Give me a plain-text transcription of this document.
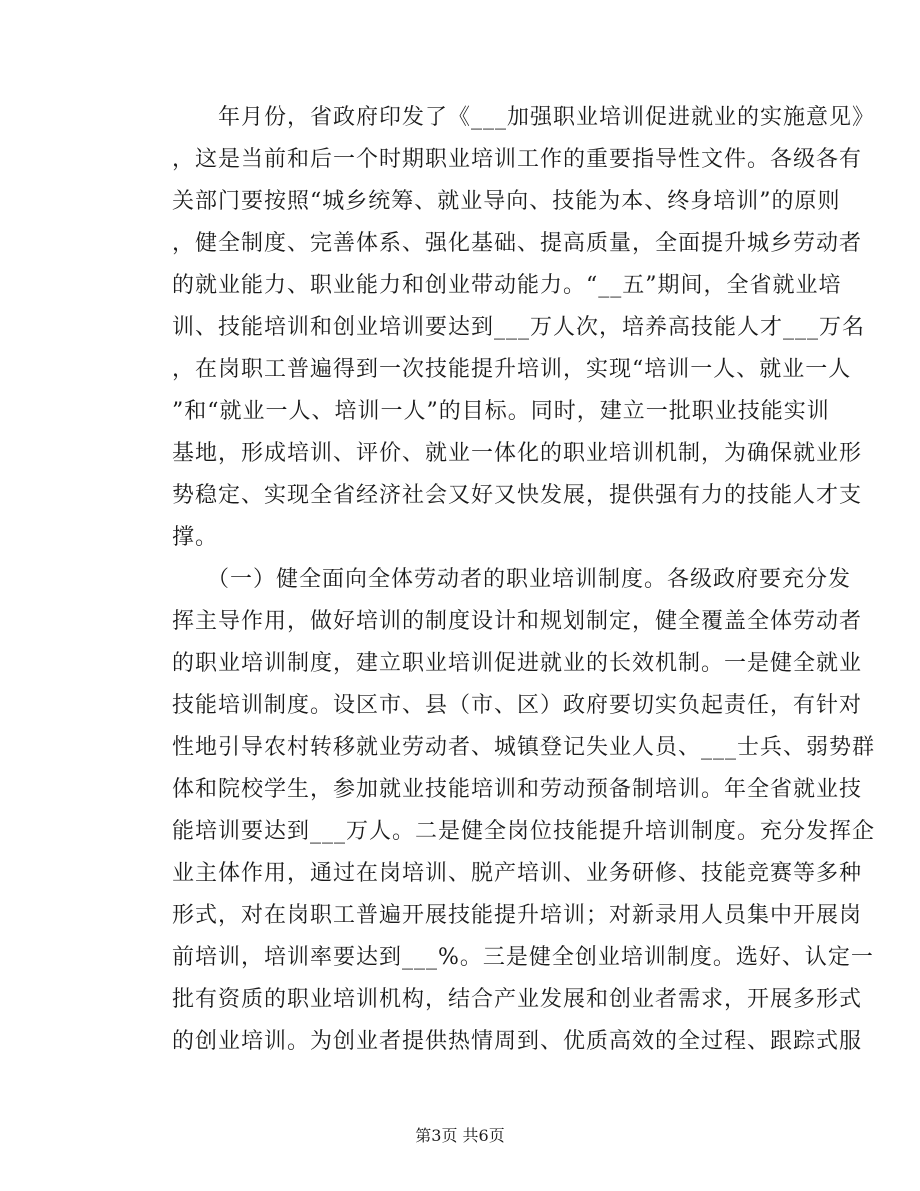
　　年月份，省政府印发了《___加强职业培训促进就业的实施意见》
，这是当前和后一个时期职业培训工作的重要指导性文件。各级各有
关部门要按照“城乡统筹、就业导向、技能为本、终身培训”的原则
，健全制度、完善体系、强化基础、提高质量，全面提升城乡劳动者
的就业能力、职业能力和创业带动能力。“__五”期间，全省就业培
训、技能培训和创业培训要达到___万人次，培养高技能人才___万名
，在岗职工普遍得到一次技能提升培训，实现“培训一人、就业一人
”和“就业一人、培训一人”的目标。同时，建立一批职业技能实训
基地，形成培训、评价、就业一体化的职业培训机制，为确保就业形
势稳定、实现全省经济社会又好又快发展，提供强有力的技能人才支
撑。
　　（一）健全面向全体劳动者的职业培训制度。各级政府要充分发
挥主导作用，做好培训的制度设计和规划制定，健全覆盖全体劳动者
的职业培训制度，建立职业培训促进就业的长效机制。一是健全就业
技能培训制度。设区市、县（市、区）政府要切实负起责任，有针对
性地引导农村转移就业劳动者、城镇登记失业人员、___士兵、弱势群
体和院校学生，参加就业技能培训和劳动预备制培训。年全省就业技
能培训要达到___万人。二是健全岗位技能提升培训制度。充分发挥企
业主体作用，通过在岗培训、脱产培训、业务研修、技能竞赛等多种
形式，对在岗职工普遍开展技能提升培训；对新录用人员集中开展岗
前培训，培训率要达到___%。三是健全创业培训制度。选好、认定一
批有资质的职业培训机构，结合产业发展和创业者需求，开展多形式
的创业培训。为创业者提供热情周到、优质高效的全过程、跟踪式服
第3页 共6页
